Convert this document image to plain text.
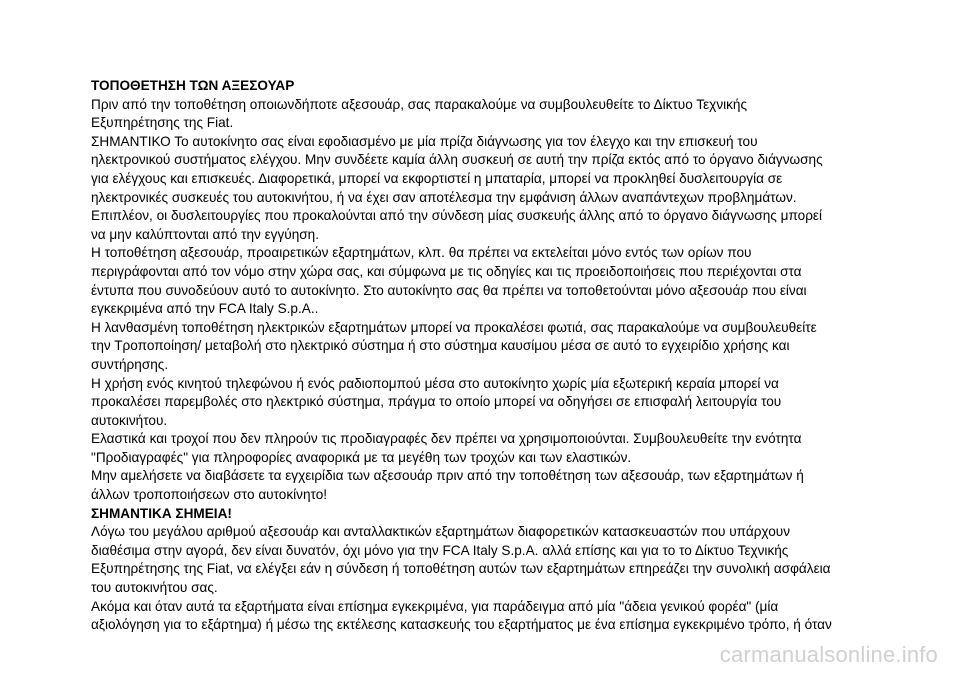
ΤΟΠΟΘΕΤΗΣΗ ΤΩΝ ΑΞΕΣΟΥΑΡ

Πριν από την τοποθέτηση οποιωνδήποτε αξεσουάρ, σας παρακαλούμε να συμβουλευθείτε το Δίκτυο Τεχνικής

Εξυπηρέτησης της Fiat.

ΣΗΜΑΝΤΙΚΟ Το αυτοκίνητο σας είναι εφοδιασμένο με μία πρίζα διάγνωσης για τον έλεγχο και την επισκευή του

ηλεκτρονικού συστήματος ελέγχου. Μην συνδέετε καμία άλλη συσκευή σε αυτή την πρίζα εκτός από το όργανο διάγνωσης

για ελέγχους και επισκευές. Διαφορετικά, μπορεί να εκφορτιστεί η μπαταρία, μπορεί να προκληθεί δυσλειτουργία σε

ηλεκτρονικές συσκευές του αυτοκινήτου, ή να έχει σαν αποτέλεσμα την εμφάνιση άλλων αναπάντεχων προβλημάτων.

Επιπλέον, οι δυσλειτουργίες που προκαλούνται από την σύνδεση μίας συσκευής άλλης από το όργανο διάγνωσης μπορεί

να μην καλύπτονται από την εγγύηση.

Η τοποθέτηση αξεσουάρ, προαιρετικών εξαρτημάτων, κλπ. θα πρέπει να εκτελείται μόνο εντός των ορίων που

περιγράφονται από τον νόμο στην χώρα σας, και σύμφωνα με τις οδηγίες και τις προειδοποιήσεις που περιέχονται στα

έντυπα που συνοδεύουν αυτό το αυτοκίνητο. Στο αυτοκίνητο σας θα πρέπει να τοποθετούνται μόνο αξεσουάρ που είναι

εγκεκριμένα από την FCA Italy S.p.A..

Η λανθασμένη τοποθέτηση ηλεκτρικών εξαρτημάτων μπορεί να προκαλέσει φωτιά, σας παρακαλούμε να συμβουλευθείτε

την Τροποποίηση/ μεταβολή στο ηλεκτρικό σύστημα ή στο σύστημα καυσίμου μέσα σε αυτό το εγχειρίδιο χρήσης και

συντήρησης.

Η χρήση ενός κινητού τηλεφώνου ή ενός ραδιοπομπού μέσα στο αυτοκίνητο χωρίς μία εξωτερική κεραία μπορεί να

προκαλέσει παρεμβολές στο ηλεκτρικό σύστημα, πράγμα το οποίο μπορεί να οδηγήσει σε επισφαλή λειτουργία του

αυτοκινήτου.

Ελαστικά και τροχοί που δεν πληρούν τις προδιαγραφές δεν πρέπει να χρησιμοποιούνται. Συμβουλευθείτε την ενότητα

"Προδιαγραφές" για πληροφορίες αναφορικά με τα μεγέθη των τροχών και των ελαστικών.

Μην αμελήσετε να διαβάσετε τα εγχειρίδια των αξεσουάρ πριν από την τοποθέτηση των αξεσουάρ, των εξαρτημάτων ή

άλλων τροποποιήσεων στο αυτοκίνητο!

ΣΗΜΑΝΤΙΚΑ ΣΗΜΕΙΑ!

Λόγω του μεγάλου αριθμού αξεσουάρ και ανταλλακτικών εξαρτημάτων διαφορετικών κατασκευαστών που υπάρχουν

διαθέσιμα στην αγορά, δεν είναι δυνατόν, όχι μόνο για την FCA Italy S.p.A. αλλά επίσης και για το το Δίκτυο Τεχνικής

Εξυπηρέτησης της Fiat, να ελέγξει εάν η σύνδεση ή τοποθέτηση αυτών των εξαρτημάτων επηρεάζει την συνολική ασφάλεια

του αυτοκινήτου σας.

Ακόμα και όταν αυτά τα εξαρτήματα είναι επίσημα εγκεκριμένα, για παράδειγμα από μία "άδεια γενικού φορέα" (μία

αξιολόγηση για το εξάρτημα) ή μέσω της εκτέλεσης κατασκευής του εξαρτήματος με ένα επίσημα εγκεκριμένο τρόπο, ή όταν

carmanualsonline.info
